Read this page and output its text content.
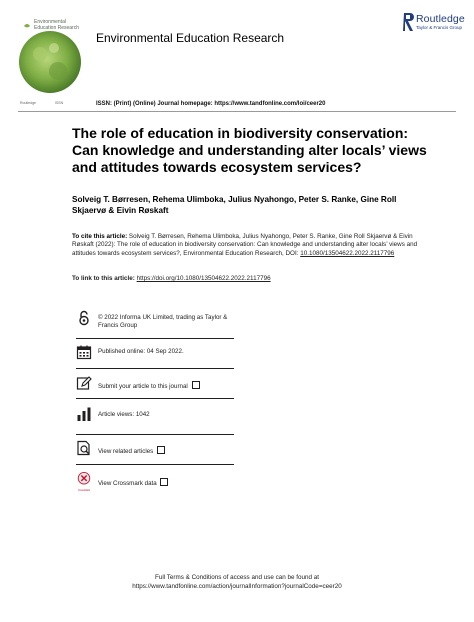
Environmental
Education Research
Routledge	ISSN
Environmental Education Research
Routledge
Taylor & Francis Group
ISSN: (Print) (Online) Journal homepage: https://www.tandfonline.com/loi/ceer20
The role of education in biodiversity conservation: Can knowledge and understanding alter locals’ views and attitudes towards ecosystem services?
Solveig T. Børresen, Rehema Ulimboka, Julius Nyahongo, Peter S. Ranke, Gine Roll Skjaervø & Eivin Røskaft
To cite this article: Solveig T. Børresen, Rehema Ulimboka, Julius Nyahongo, Peter S. Ranke, Gine Roll Skjaervø & Eivin Røskaft (2022): The role of education in biodiversity conservation: Can knowledge and understanding alter locals’ views and attitudes towards ecosystem services?, Environmental Education Research, DOI: 10.1080/13504622.2022.2117796
To link to this article: https://doi.org/10.1080/13504622.2022.2117796
© 2022 Informa UK Limited, trading as Taylor & Francis Group
Published online: 04 Sep 2022.
Submit your article to this journal
Article views: 1042
View related articles
CrossMark
View Crossmark data
Full Terms & Conditions of access and use can be found at
https://www.tandfonline.com/action/journalInformation?journalCode=ceer20
